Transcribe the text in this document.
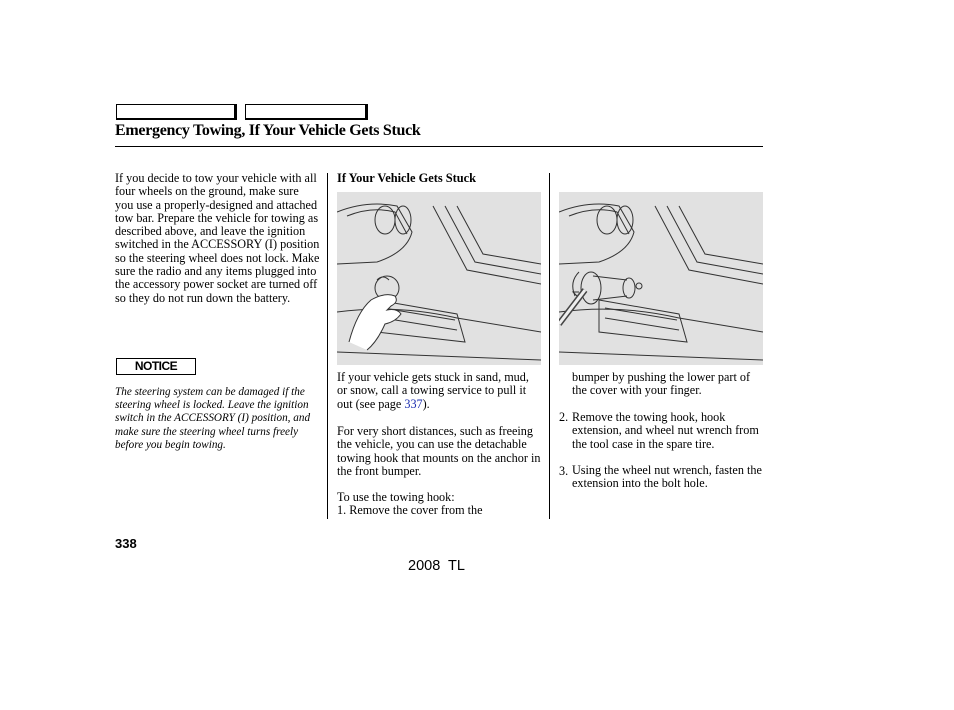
Emergency Towing, If Your Vehicle Gets Stuck

If you decide to tow your vehicle with all four wheels on the ground, make sure you use a properly-designed and attached tow bar. Prepare the vehicle for towing as described above, and leave the ignition switched in the ACCESSORY (I) position so the steering wheel does not lock. Make sure the radio and any items plugged into the accessory power socket are turned off so they do not run down the battery.

NOTICE

The steering system can be damaged if the steering wheel is locked. Leave the ignition switch in the ACCESSORY (I) position, and make sure the steering wheel turns freely before you begin towing.

If Your Vehicle Gets Stuck

If your vehicle gets stuck in sand, mud, or snow, call a towing service to pull it out (see page 337).

For very short distances, such as freeing the vehicle, you can use the detachable towing hook that mounts on the anchor in the front bumper.

To use the towing hook:

1. Remove the cover from the

bumper by pushing the lower part of the cover with your finger.

2. Remove the towing hook, hook extension, and wheel nut wrench from the tool case in the spare tire.

3. Using the wheel nut wrench, fasten the extension into the bolt hole.

338
2008  TL
